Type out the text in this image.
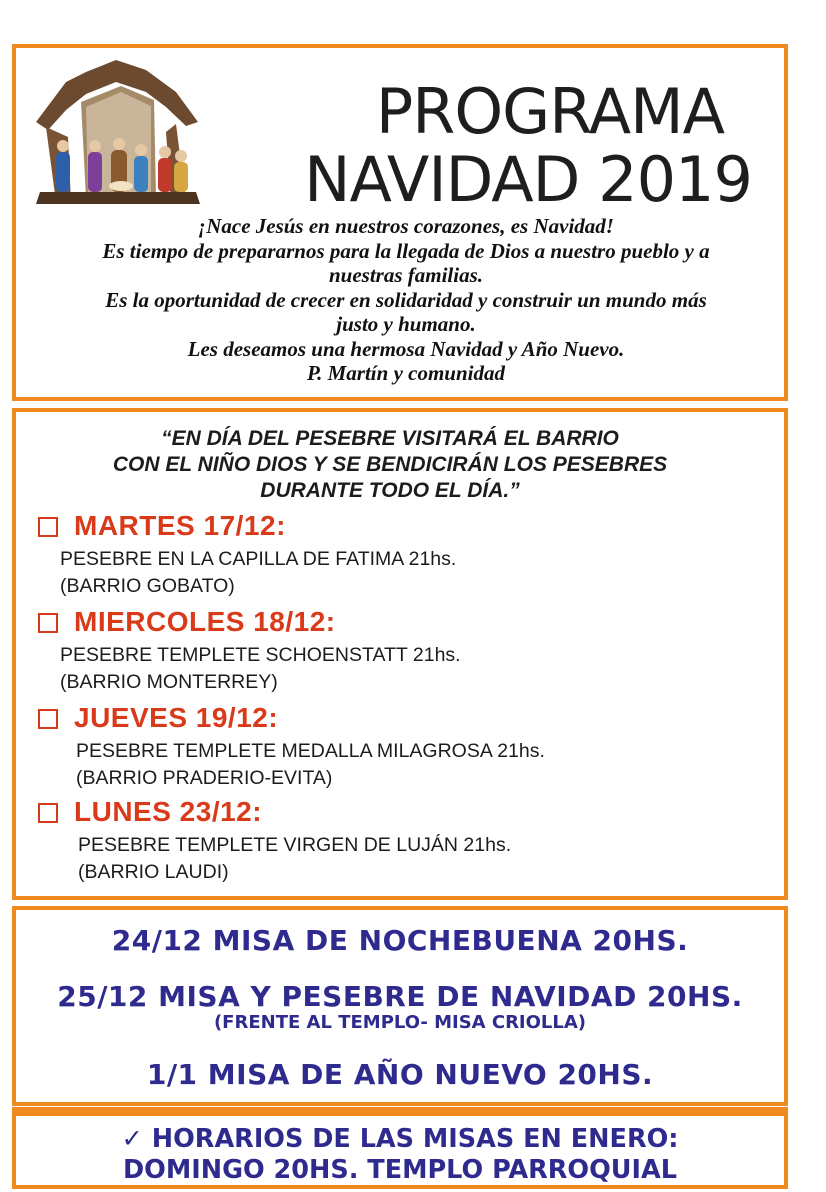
PROGRAMA
NAVIDAD 2019
¡Nace Jesús en nuestros corazones, es Navidad!
Es tiempo de prepararnos para la llegada de Dios a nuestro pueblo y a
nuestras familias.
Es la oportunidad de crecer en solidaridad y construir un mundo más
justo y humano.
Les deseamos una hermosa Navidad y Año Nuevo.
P. Martín y comunidad
“EN DÍA DEL PESEBRE VISITARÁ EL BARRIO
CON EL NIÑO DIOS Y SE BENDICIRÁN LOS PESEBRES
DURANTE TODO EL DÍA.”
MARTES 17/12:
PESEBRE EN LA CAPILLA DE FATIMA 21hs.
(BARRIO GOBATO)
MIERCOLES 18/12:
PESEBRE TEMPLETE SCHOENSTATT 21hs.
(BARRIO MONTERREY)
JUEVES 19/12:
PESEBRE TEMPLETE MEDALLA MILAGROSA 21hs.
(BARRIO PRADERIO-EVITA)
LUNES 23/12:
PESEBRE TEMPLETE VIRGEN DE LUJÁN 21hs.
(BARRIO LAUDI)
24/12 MISA DE NOCHEBUENA 20HS.
25/12 MISA Y PESEBRE DE NAVIDAD 20HS.
(FRENTE AL TEMPLO- MISA CRIOLLA)
1/1 MISA DE AÑO NUEVO 20HS.
✓ HORARIOS DE LAS MISAS EN ENERO:
DOMINGO 20HS. TEMPLO PARROQUIAL
